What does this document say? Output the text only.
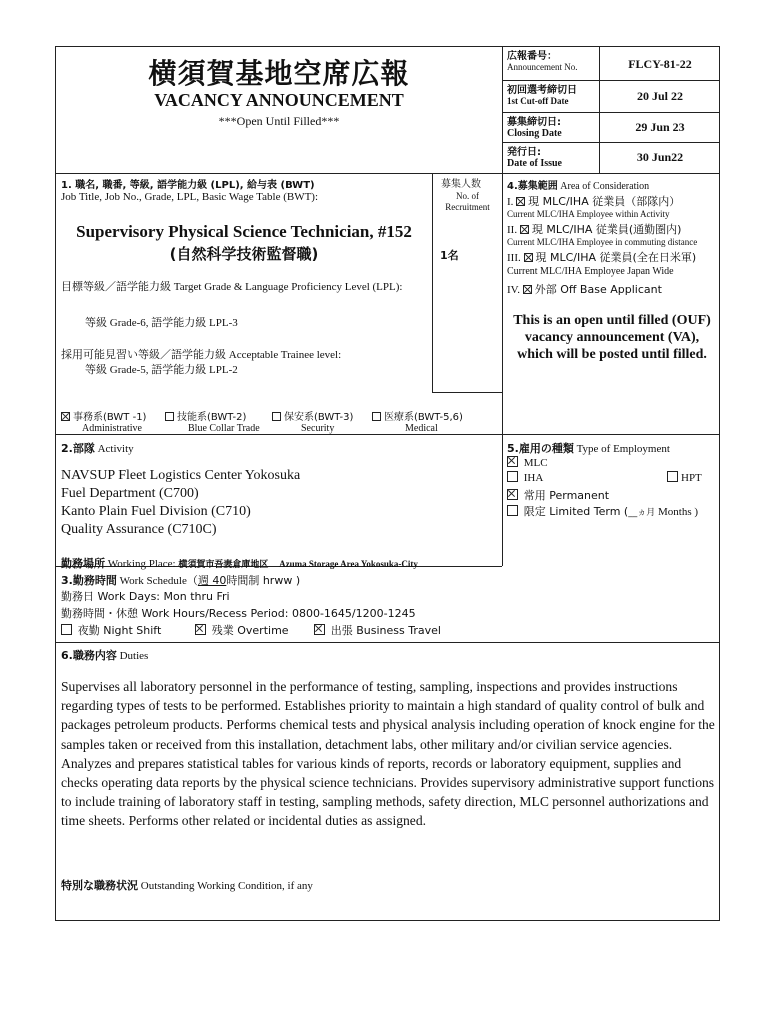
横須賀基地空席広報
VACANCY ANNOUNCEMENT
***Open Until Filled***
広報番号：
Announcement No.	FLCY-81-22
初回選考締切日
1st Cut-off Date	20 Jul 22
募集締切日:
Closing Date	29 Jun 23
発行日:
Date of Issue	30 Jun22
1. 職名, 職番, 等級, 語学能力級 (LPL), 給与表 (BWT)
Job Title, Job No., Grade, LPL, Basic Wage Table (BWT):
Supervisory Physical Science Technician, #152
(自然科学技術監督職)
目標等級／語学能力級 Target Grade & Language Proficiency Level (LPL):
等級 Grade-6, 語学能力級 LPL-3
採用可能見習い等級／語学能力級 Acceptable Trainee level:
等級 Grade-5, 語学能力級 LPL-2
募集人数
No. of Recruitment
1名
事務系(BWT -1)
Administrative
技能系(BWT-2)
Blue Collar Trade
保安系(BWT-3)
Security
医療系(BWT-5,6)
Medical
4.募集範囲 Area of Consideration
I. 現 MLC/IHA 従業員（部隊内）
Current MLC/IHA Employee within Activity
II. 現 MLC/IHA 従業員(通勤圏内)
Current MLC/IHA Employee in commuting distance
III. 現 MLC/IHA 従業員(全在日米軍)
Current MLC/IHA Employee Japan Wide
IV. 外部 Off Base Applicant
This is an open until filled (OUF) vacancy announcement (VA), which will be posted until filled.
2.部隊 Activity
NAVSUP Fleet Logistics Center Yokosuka
Fuel Department (C700)
Kanto Plain Fuel Division (C710)
Quality Assurance (C710C)
勤務場所 Working Place: 横須賀市吾妻倉庫地区 Azuma Storage Area Yokosuka-City
5.雇用の種類 Type of Employment
MLC
IHA	HPT
常用 Permanent
限定 Limited Term (__ヵ月 Months )
3.勤務時間 Work Schedule（週 40時間制 hrww )
勤務日 Work Days: Mon thru Fri
勤務時間・休憩 Work Hours/Recess Period: 0800-1645/1200-1245
夜勤 Night Shift	残業 Overtime	出張 Business Travel
6.職務内容 Duties
Supervises all laboratory personnel in the performance of testing, sampling, inspections and provides instructions regarding types of tests to be performed. Establishes priority to maintain a high standard of quality control of bulk and packages petroleum products. Performs chemical tests and physical analysis including operation of knock engine for the samples taken or received from this installation, detachment labs, other military and/or civilian service agencies. Analyzes and prepares statistical tables for various kinds of reports, records or laboratory equipment, supplies and checks operating data reports by the physical science technicians. Provides supervisory administrative support functions to include training of laboratory staff in testing, sampling methods, safety direction, MLC personnel authorizations and time sheets. Performs other related or incidental duties as assigned.
特別な職務状況 Outstanding Working Condition, if any
